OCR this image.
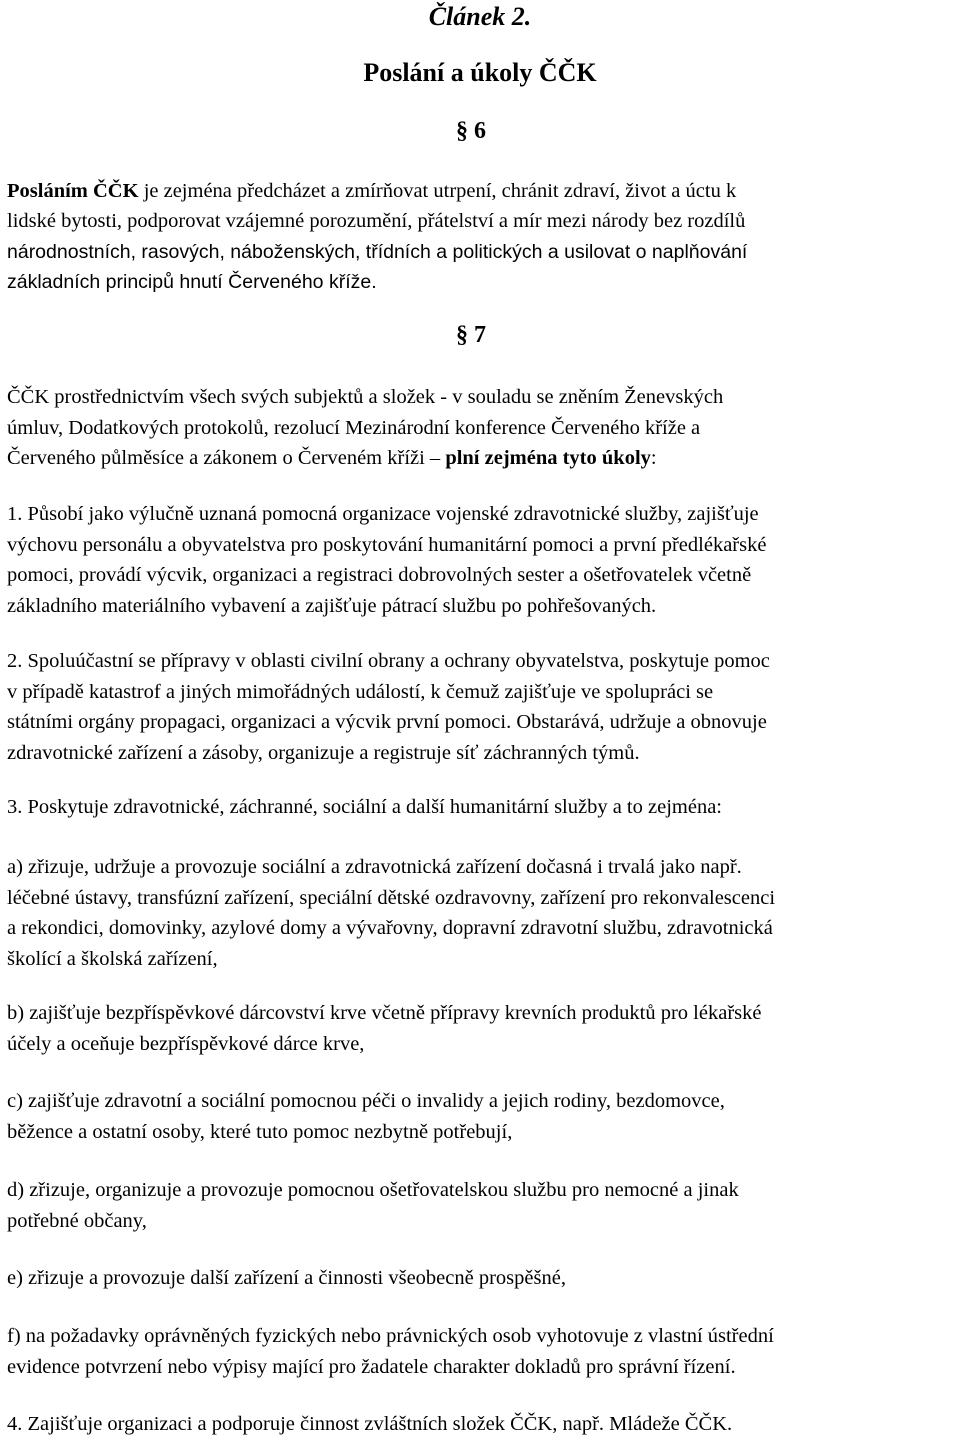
Článek 2.
Poslání a úkoly ČČK
§ 6
Posláním ČČK je zejména předcházet a zmírňovat utrpení, chránit zdraví, život a úctu k
lidské bytosti, podporovat vzájemné porozumění, přátelství a mír mezi národy bez rozdílů
národnostních, rasových, náboženských, třídních a politických a usilovat o naplňování
základních principů hnutí Červeného kříže.
§ 7
ČČK prostřednictvím všech svých subjektů a složek - v souladu se zněním Ženevských
úmluv, Dodatkových protokolů, rezolucí Mezinárodní konference Červeného kříže a
Červeného půlměsíce a zákonem o Červeném kříži – plní zejména tyto úkoly:
1. Působí jako výlučně uznaná pomocná organizace vojenské zdravotnické služby, zajišťuje
výchovu personálu a obyvatelstva pro poskytování humanitární pomoci a první předlékařské
pomoci, provádí výcvik, organizaci a registraci dobrovolných sester a ošetřovatelek včetně
základního materiálního vybavení a zajišťuje pátrací službu po pohřešovaných.
2. Spoluúčastní se přípravy v oblasti civilní obrany a ochrany obyvatelstva, poskytuje pomoc
v případě katastrof a jiných mimořádných událostí, k čemuž zajišťuje ve spolupráci se
státními orgány propagaci, organizaci a výcvik první pomoci. Obstarává, udržuje a obnovuje
zdravotnické zařízení a zásoby, organizuje a registruje síť záchranných týmů.
3. Poskytuje zdravotnické, záchranné, sociální a další humanitární služby a to zejména:
a) zřizuje, udržuje a provozuje sociální a zdravotnická zařízení dočasná i trvalá jako např.
léčebné ústavy, transfúzní zařízení, speciální dětské ozdravovny, zařízení pro rekonvalescenci
a rekondici, domovinky, azylové domy a vývařovny, dopravní zdravotní službu, zdravotnická
školící a školská zařízení,
b) zajišťuje bezpříspěvkové dárcovství krve včetně přípravy krevních produktů pro lékařské
účely a oceňuje bezpříspěvkové dárce krve,
c) zajišťuje zdravotní a sociální pomocnou péči o invalidy a jejich rodiny, bezdomovce,
běžence a ostatní osoby, které tuto pomoc nezbytně potřebují,
d) zřizuje, organizuje a provozuje pomocnou ošetřovatelskou službu pro nemocné a jinak
potřebné občany,
e) zřizuje a provozuje další zařízení a činnosti všeobecně prospěšné,
f) na požadavky oprávněných fyzických nebo právnických osob vyhotovuje z vlastní ústřední
evidence potvrzení nebo výpisy mající pro žadatele charakter dokladů pro správní řízení.
4. Zajišťuje organizaci a podporuje činnost zvláštních složek ČČK, např. Mládeže ČČK.
